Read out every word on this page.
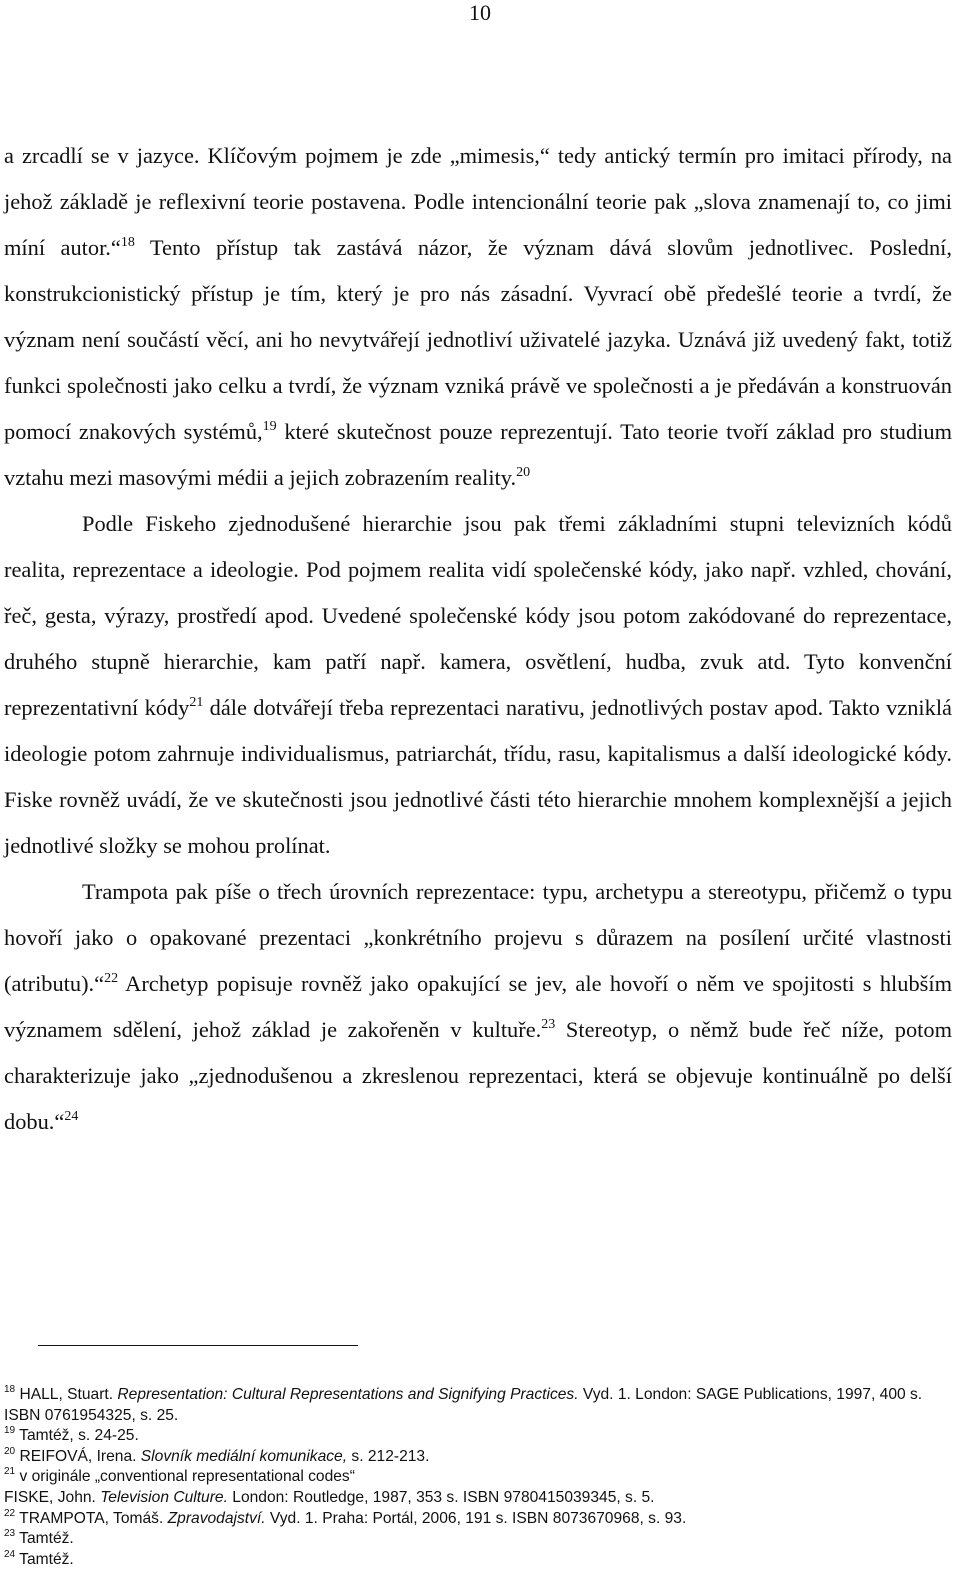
10

a zrcadlí se v jazyce. Klíčovým pojmem je zde „mimesis,“ tedy antický termín pro imitaci přírody, na jehož základě je reflexivní teorie postavena. Podle intencionální teorie pak „slova znamenají to, co jimi míní autor.“$^{18}$ Tento přístup tak zastává názor, že význam dává slovům jednotlivec. Poslední, konstrukcionistický přístup je tím, který je pro nás zásadní. Vyvrací obě předešlé teorie a tvrdí, že význam není součástí věcí, ani ho nevytvářejí jednotliví uživatelé jazyka. Uznává již uvedený fakt, totiž funkci společnosti jako celku a tvrdí, že význam vzniká právě ve společnosti a je předáván a konstruován pomocí znakových systémů,$^{19}$ které skutečnost pouze reprezentují. Tato teorie tvoří základ pro studium vztahu mezi masovými médii a jejich zobrazením reality.$^{20}$

Podle Fiskeho zjednodušené hierarchie jsou pak třemi základními stupni televizních kódů realita, reprezentace a ideologie. Pod pojmem realita vidí společenské kódy, jako např. vzhled, chování, řeč, gesta, výrazy, prostředí apod. Uvedené společenské kódy jsou potom zakódované do reprezentace, druhého stupně hierarchie, kam patří např. kamera, osvětlení, hudba, zvuk atd. Tyto konvenční reprezentativní kódy$^{21}$ dále dotvářejí třeba reprezentaci narativu, jednotlivých postav apod. Takto vzniklá ideologie potom zahrnuje individualismus, patriarchát, třídu, rasu, kapitalismus a další ideologické kódy. Fiske rovněž uvádí, že ve skutečnosti jsou jednotlivé části této hierarchie mnohem komplexnější a jejich jednotlivé složky se mohou prolínat.

Trampota pak píše o třech úrovních reprezentace: typu, archetypu a stereotypu, přičemž o typu hovoří jako o opakované prezentaci „konkrétního projevu s důrazem na posílení určité vlastnosti (atributu).“$^{22}$ Archetyp popisuje rovněž jako opakující se jev, ale hovoří o něm ve spojitosti s hlubším významem sdělení, jehož základ je zakořeněn v kultuře.$^{23}$ Stereotyp, o němž bude řeč níže, potom charakterizuje jako „zjednodušenou a zkreslenou reprezentaci, která se objevuje kontinuálně po delší dobu.“$^{24}$

$^{18}$ HALL, Stuart. Representation: Cultural Representations and Signifying Practices. Vyd. 1. London: SAGE Publications, 1997, 400 s. ISBN 0761954325, s. 25.

$^{19}$ Tamtéž, s. 24-25.

$^{20}$ REIFOVÁ, Irena. Slovník mediální komunikace, s. 212-213.

$^{21}$ v originále „conventional representational codes“

FISKE, John. Television Culture. London: Routledge, 1987, 353 s. ISBN 9780415039345, s. 5.

$^{22}$ TRAMPOTA, Tomáš. Zpravodajství. Vyd. 1. Praha: Portál, 2006, 191 s. ISBN 8073670968, s. 93.

$^{23}$ Tamtéž.

$^{24}$ Tamtéž.
